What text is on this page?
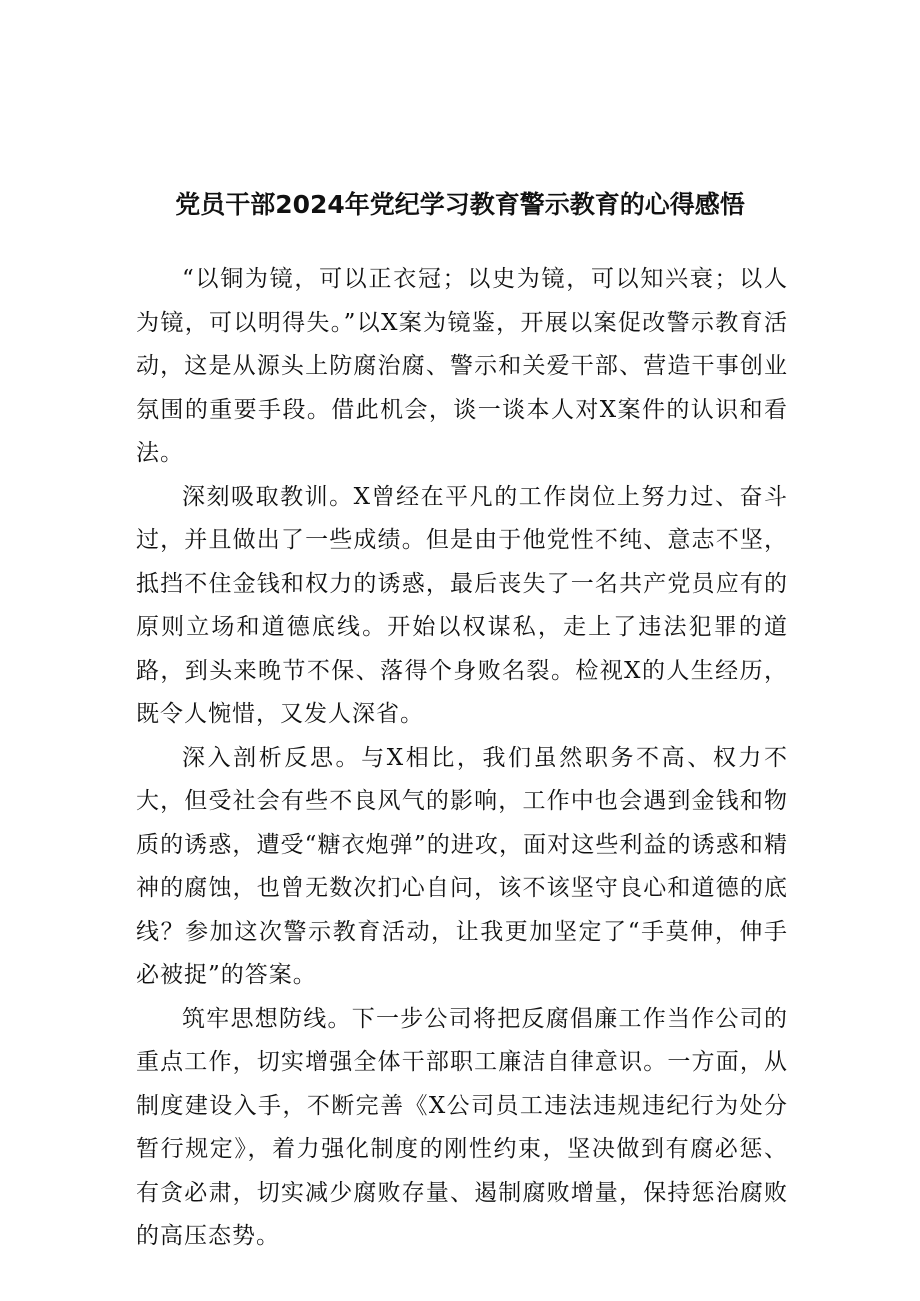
党员干部2024年党纪学习教育警示教育的心得感悟

“以铜为镜，可以正衣冠；以史为镜，可以知兴衰；以人为镜，可以明得失。”以X案为镜鉴，开展以案促改警示教育活动，这是从源头上防腐治腐、警示和关爱干部、营造干事创业氛围的重要手段。借此机会，谈一谈本人对X案件的认识和看法。

深刻吸取教训。X曾经在平凡的工作岗位上努力过、奋斗过，并且做出了一些成绩。但是由于他党性不纯、意志不坚，抵挡不住金钱和权力的诱惑，最后丧失了一名共产党员应有的原则立场和道德底线。开始以权谋私，走上了违法犯罪的道路，到头来晚节不保、落得个身败名裂。检视X的人生经历，既令人惋惜，又发人深省。

深入剖析反思。与X相比，我们虽然职务不高、权力不大，但受社会有些不良风气的影响，工作中也会遇到金钱和物质的诱惑，遭受“糖衣炮弹”的进攻，面对这些利益的诱惑和精神的腐蚀，也曾无数次扪心自问，该不该坚守良心和道德的底线？参加这次警示教育活动，让我更加坚定了“手莫伸，伸手必被捉”的答案。

筑牢思想防线。下一步公司将把反腐倡廉工作当作公司的重点工作，切实增强全体干部职工廉洁自律意识。一方面，从制度建设入手，不断完善《X公司员工违法违规违纪行为处分暂行规定》，着力强化制度的刚性约束，坚决做到有腐必惩、有贪必肃，切实减少腐败存量、遏制腐败增量，保持惩治腐败的高压态势。
